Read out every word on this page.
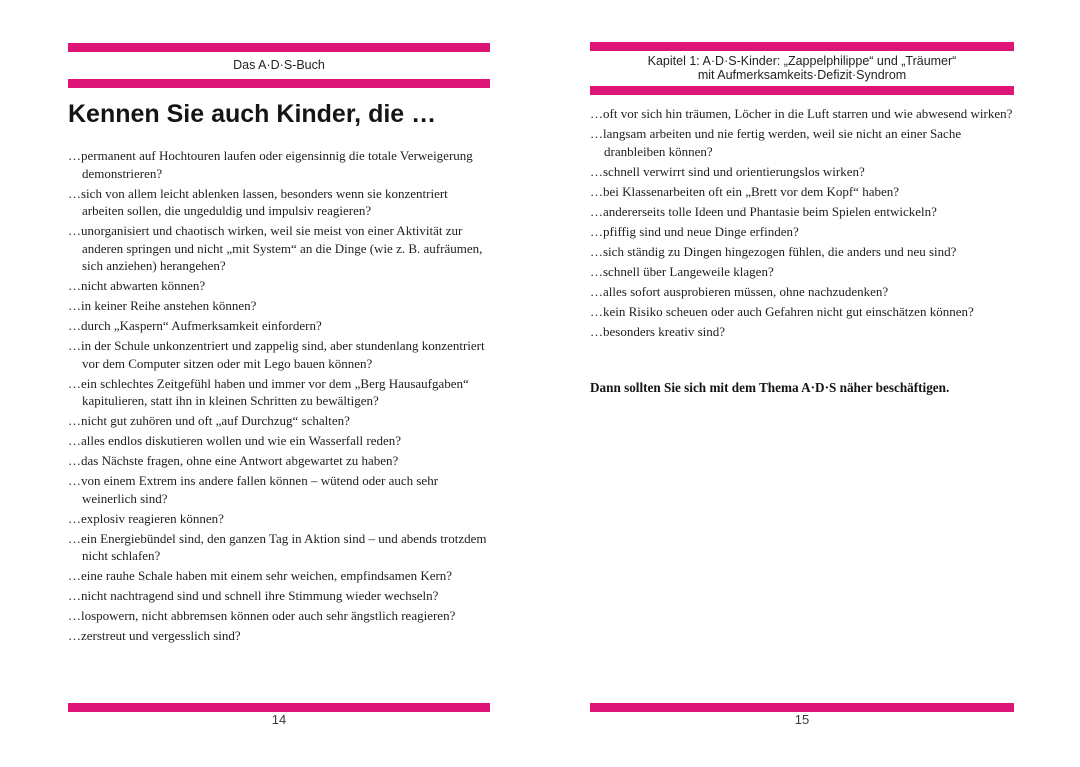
Das A·D·S-Buch
Kennen Sie auch Kinder, die …
…permanent auf Hochtouren laufen oder eigensinnig die totale Verweigerung demonstrieren?
…sich von allem leicht ablenken lassen, besonders wenn sie konzentriert arbeiten sollen, die ungeduldig und impulsiv reagieren?
…unorganisiert und chaotisch wirken, weil sie meist von einer Aktivität zur anderen springen und nicht „mit System“ an die Dinge (wie z. B. aufräumen, sich anziehen) herangehen?
…nicht abwarten können?
…in keiner Reihe anstehen können?
…durch „Kaspern“ Aufmerksamkeit einfordern?
…in der Schule unkonzentriert und zappelig sind, aber stundenlang konzentriert vor dem Computer sitzen oder mit Lego bauen können?
…ein schlechtes Zeitgefühl haben und immer vor dem „Berg Hausaufgaben“ kapitulieren, statt ihn in kleinen Schritten zu bewältigen?
…nicht gut zuhören und oft „auf Durchzug“ schalten?
…alles endlos diskutieren wollen und wie ein Wasserfall reden?
…das Nächste fragen, ohne eine Antwort abgewartet zu haben?
…von einem Extrem ins andere fallen können – wütend oder auch sehr weinerlich sind?
…explosiv reagieren können?
…ein Energiebündel sind, den ganzen Tag in Aktion sind – und abends trotzdem nicht schlafen?
…eine rauhe Schale haben mit einem sehr weichen, empfindsamen Kern?
…nicht nachtragend sind und schnell ihre Stimmung wieder wechseln?
…lospowern, nicht abbremsen können oder auch sehr ängstlich reagieren?
…zerstreut und vergesslich sind?
14
Kapitel 1: A·D·S-Kinder: „Zappelphilippe“ und „Träumer“
mit Aufmerksamkeits·Defizit·Syndrom
…oft vor sich hin träumen, Löcher in die Luft starren und wie abwesend wirken?
…langsam arbeiten und nie fertig werden, weil sie nicht an einer Sache dranbleiben können?
…schnell verwirrt sind und orientierungslos wirken?
…bei Klassenarbeiten oft ein „Brett vor dem Kopf“ haben?
…andererseits tolle Ideen und Phantasie beim Spielen entwickeln?
…pfiffig sind und neue Dinge erfinden?
…sich ständig zu Dingen hingezogen fühlen, die anders und neu sind?
…schnell über Langeweile klagen?
…alles sofort ausprobieren müssen, ohne nachzudenken?
…kein Risiko scheuen oder auch Gefahren nicht gut einschätzen können?
…besonders kreativ sind?

Dann sollten Sie sich mit dem Thema A·D·S näher beschäftigen.

15
